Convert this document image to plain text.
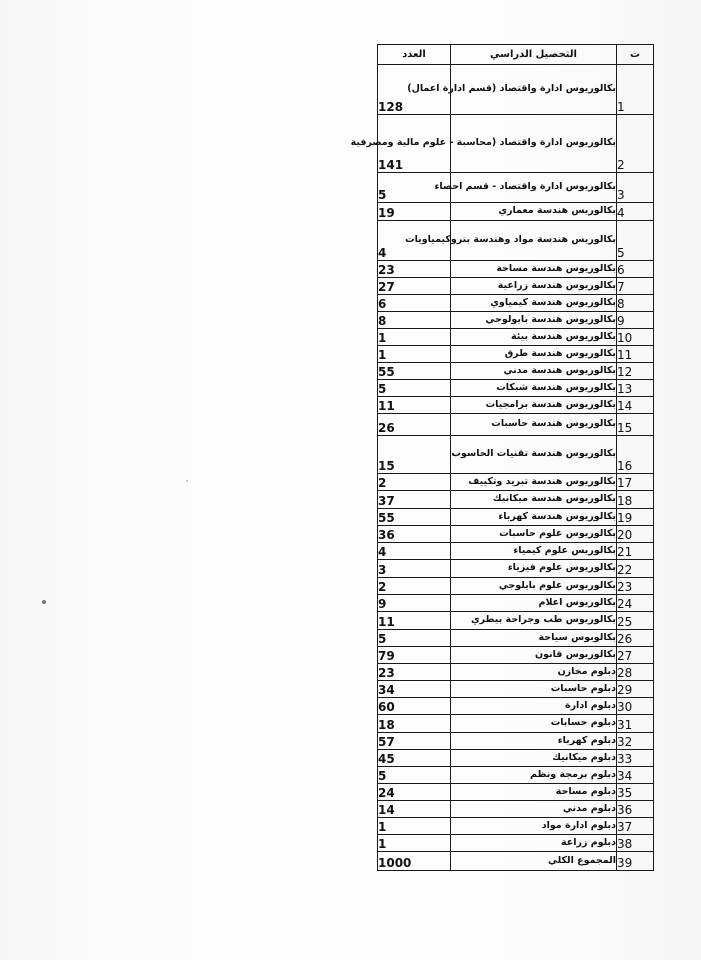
العدد	التحصيل الدراسي	ت
128	بكالوريوس ادارة واقتصاد (قسم ادارة اعمال)	1
141	بكالوريوس ادارة واقتصاد (محاسبة - علوم مالية ومصرفية	2
5	بكالوريوس ادارة واقتصاد - قسم احصاء	3
19	بكالوريس هندسة معماري	4
4	بكالوريس هندسة مواد وهندسة بتروكيمياويات	5
23	بكالوريوس هندسة مساحة	6
27	بكالوريوس هندسة زراعية	7
6	بكالوريوس هندسة كيمياوي	8
8	بكالوريوس هندسة بايولوجي	9
1	بكالوريوس هندسة بيئة	10
1	بكالوريوس هندسة طرق	11
55	بكالوريوس هندسة مدني	12
5	بكالوريوس هندسة شبكات	13
11	بكالوريوس هندسة برامجيات	14
26	بكالوريوس هندسة حاسبات	15
15	بكالوريوس هندسة تقنيات الحاسوب	16
2	بكالوريوس هندسة تبريد وتكييف	17
37	بكالوريوس هندسة ميكانيك	18
55	بكالوريوس هندسة كهرباء	19
36	بكالوريوس علوم حاسبات	20
4	بكالوريس علوم كيمياء	21
3	بكالوريوس علوم فيزياء	22
2	بكالوريوس علوم بايلوجي	23
9	بكالوريوس اعلام	24
11	بكالوريوس طب وجراحة بيطري	25
5	بكالوبوس سياحة	26
79	بكالوريوس قانون	27
23	دبلوم مخازن	28
34	دبلوم حاسبات	29
60	دبلوم ادارة	30
18	دبلوم حسابات	31
57	دبلوم كهرباء	32
45	دبلوم ميكانيك	33
5	دبلوم برمجة ونظم	34
24	دبلوم مساحة	35
14	دبلوم مدني	36
1	دبلوم ادارة مواد	37
1	دبلوم زراعة	38
1000	المجموع الكلي	39
